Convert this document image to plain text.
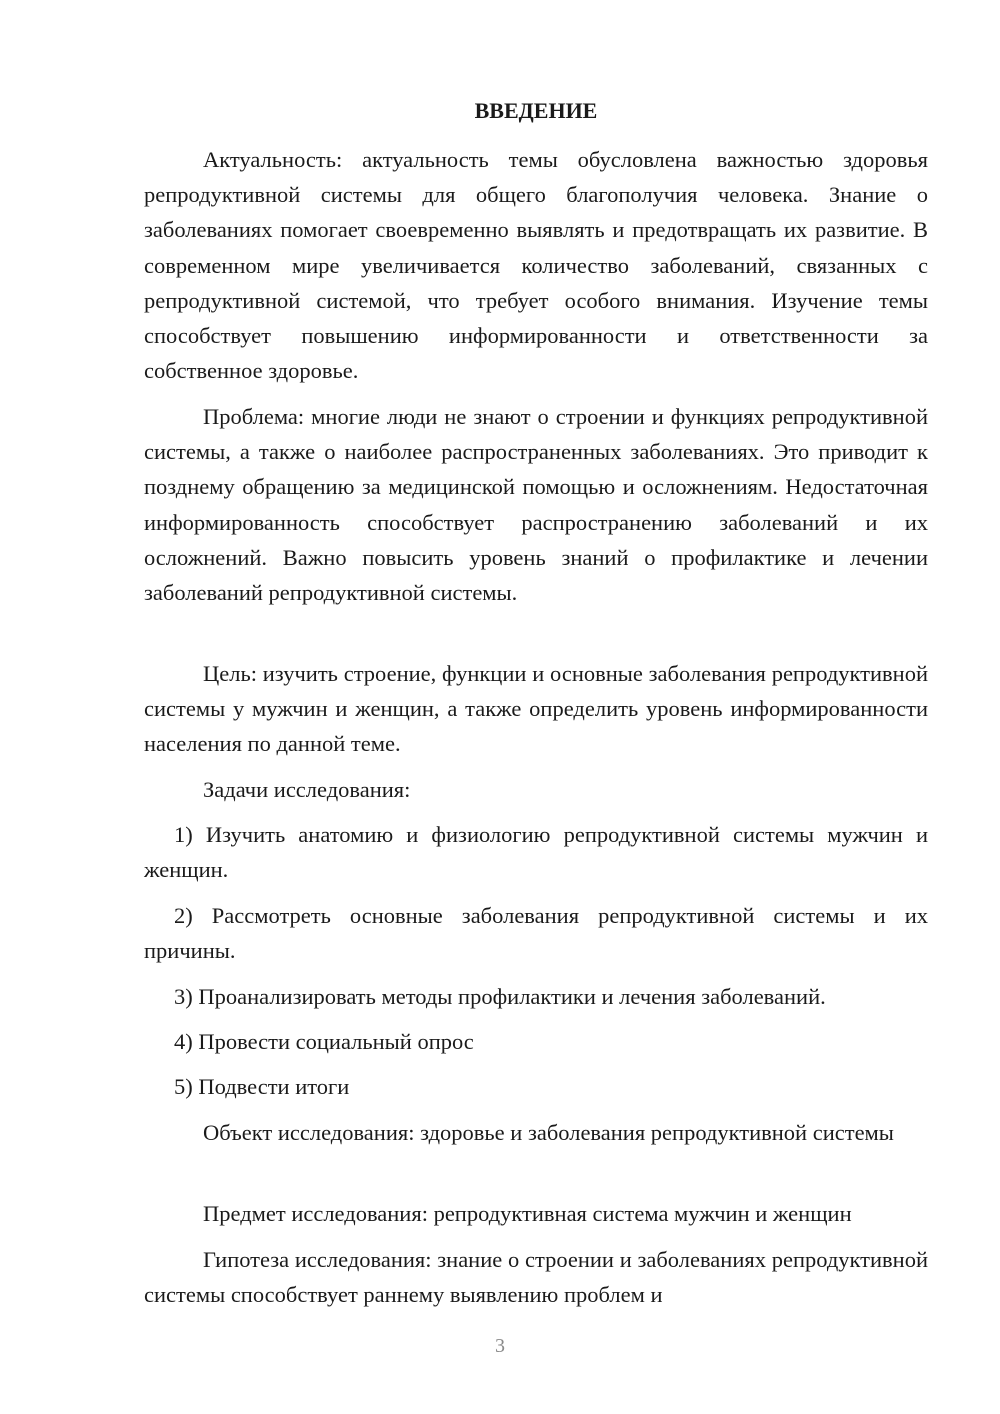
ВВЕДЕНИЕ

Актуальность: актуальность темы обусловлена важностью здоровья репродуктивной системы для общего благополучия человека. Знание о заболеваниях помогает своевременно выявлять и предотвращать их развитие. В современном мире увеличивается количество заболеваний, связанных с репродуктивной системой, что требует особого внимания. Изучение темы способствует повышению информированности и ответственности за собственное здоровье.

Проблема: многие люди не знают о строении и функциях репродуктивной системы, а также о наиболее распространенных заболеваниях. Это приводит к позднему обращению за медицинской помощью и осложнениям. Недостаточная информированность способствует распространению заболеваний и их осложнений. Важно повысить уровень знаний о профилактике и лечении заболеваний репродуктивной системы.

Цель: изучить строение, функции и основные заболевания репродуктивной системы у мужчин и женщин, а также определить уровень информированности населения по данной теме.

Задачи исследования:

1) Изучить анатомию и физиологию репродуктивной системы мужчин и женщин.

2) Рассмотреть основные заболевания репродуктивной системы и их причины.

3) Проанализировать методы профилактики и лечения заболеваний.

4) Провести социальный опрос

5) Подвести итоги

Объект исследования: здоровье и заболевания репродуктивной системы

Предмет исследования: репродуктивная система мужчин и женщин

Гипотеза исследования: знание о строении и заболеваниях репродуктивной системы способствует раннему выявлению проблем и

3
